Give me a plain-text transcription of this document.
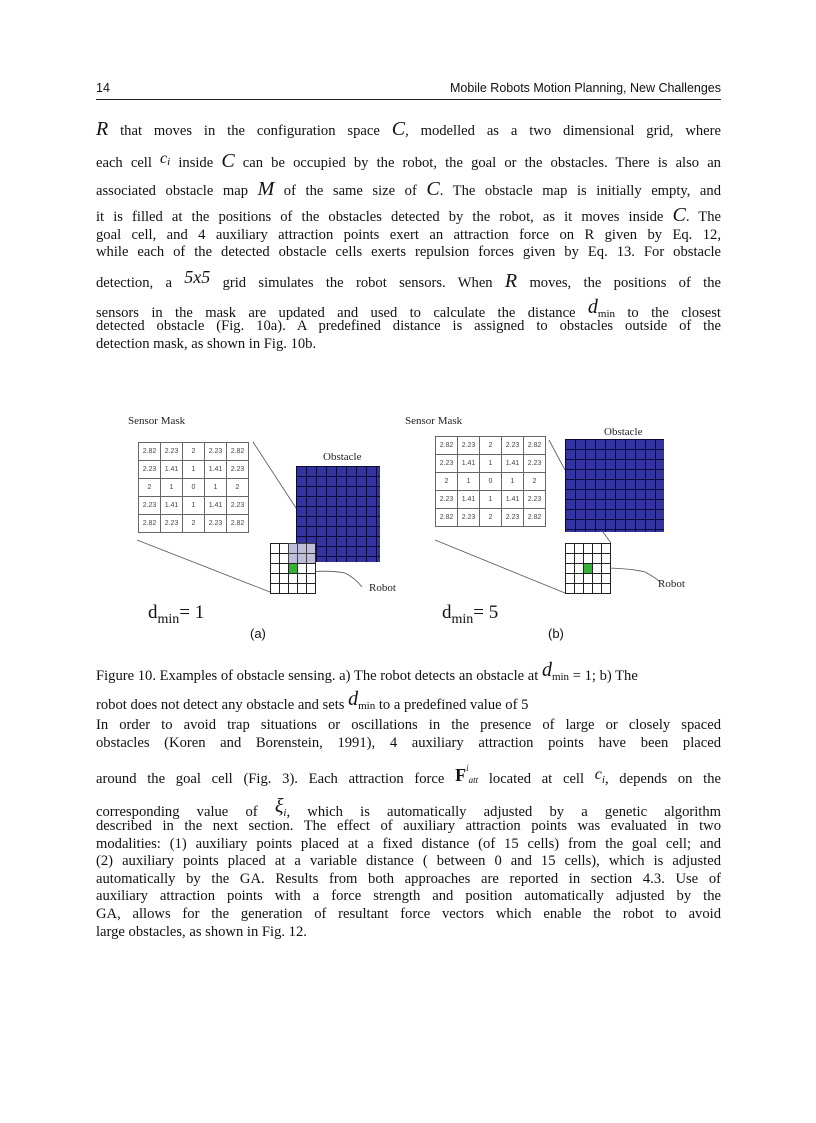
14	Mobile Robots Motion Planning, New Challenges
R that moves in the configuration space C, modelled as a two dimensional grid, where
each cell ci inside C can be occupied by the robot, the goal or the obstacles. There is also an
associated obstacle map M of the same size of C. The obstacle map is initially empty, and
it is filled at the positions of the obstacles detected by the robot, as it moves inside C. The
goal cell, and 4 auxiliary attraction points exert an attraction force on R given by Eq. 12,
while each of the detected obstacle cells exerts repulsion forces given by Eq. 13. For obstacle
detection, a 5x5 grid simulates the robot sensors. When R moves, the positions of the
sensors in the mask are updated and used to calculate the distance dmin to the closest
detected obstacle (Fig. 10a). A predefined distance is assigned to obstacles outside of the
detection mask, as shown in Fig. 10b.
Sensor Mask
2.82	2.23	2	2.23	2.82
2.23	1.41	1	1.41	2.23
2	1	0	1	2
2.23	1.41	1	1.41	2.23
2.82	2.23	2	2.23	2.82
Obstacle
Robot
$d_{min}= 1$
(a)
Sensor Mask
2.82	2.23	2	2.23	2.82
2.23	1.41	1	1.41	2.23
2	1	0	1	2
2.23	1.41	1	1.41	2.23
2.82	2.23	2	2.23	2.82
Obstacle
Robot
$d_{min}= 5$
(b)
Figure 10. Examples of obstacle sensing. a) The robot detects an obstacle at dmin = 1; b) The
robot does not detect any obstacle and sets dmin to a predefined value of 5
In order to avoid trap situations or oscillations in the presence of large or closely spaced
obstacles (Koren and Borenstein, 1991), 4 auxiliary attraction points have been placed
around the goal cell (Fig. 3). Each attraction force $F^iatt$ located at cell ci, depends on the
corresponding value of ξi, which is automatically adjusted by a genetic algorithm
described in the next section. The effect of auxiliary attraction points was evaluated in two
modalities: (1) auxiliary points placed at a fixed distance (of 15 cells) from the goal cell; and
(2) auxiliary points placed at a variable distance ( between 0 and 15 cells), which is adjusted
automatically by the GA. Results from both approaches are reported in section 4.3. Use of
auxiliary attraction points with a force strength and position automatically adjusted by the
GA, allows for the generation of resultant force vectors which enable the robot to avoid
large obstacles, as shown in Fig. 12.
